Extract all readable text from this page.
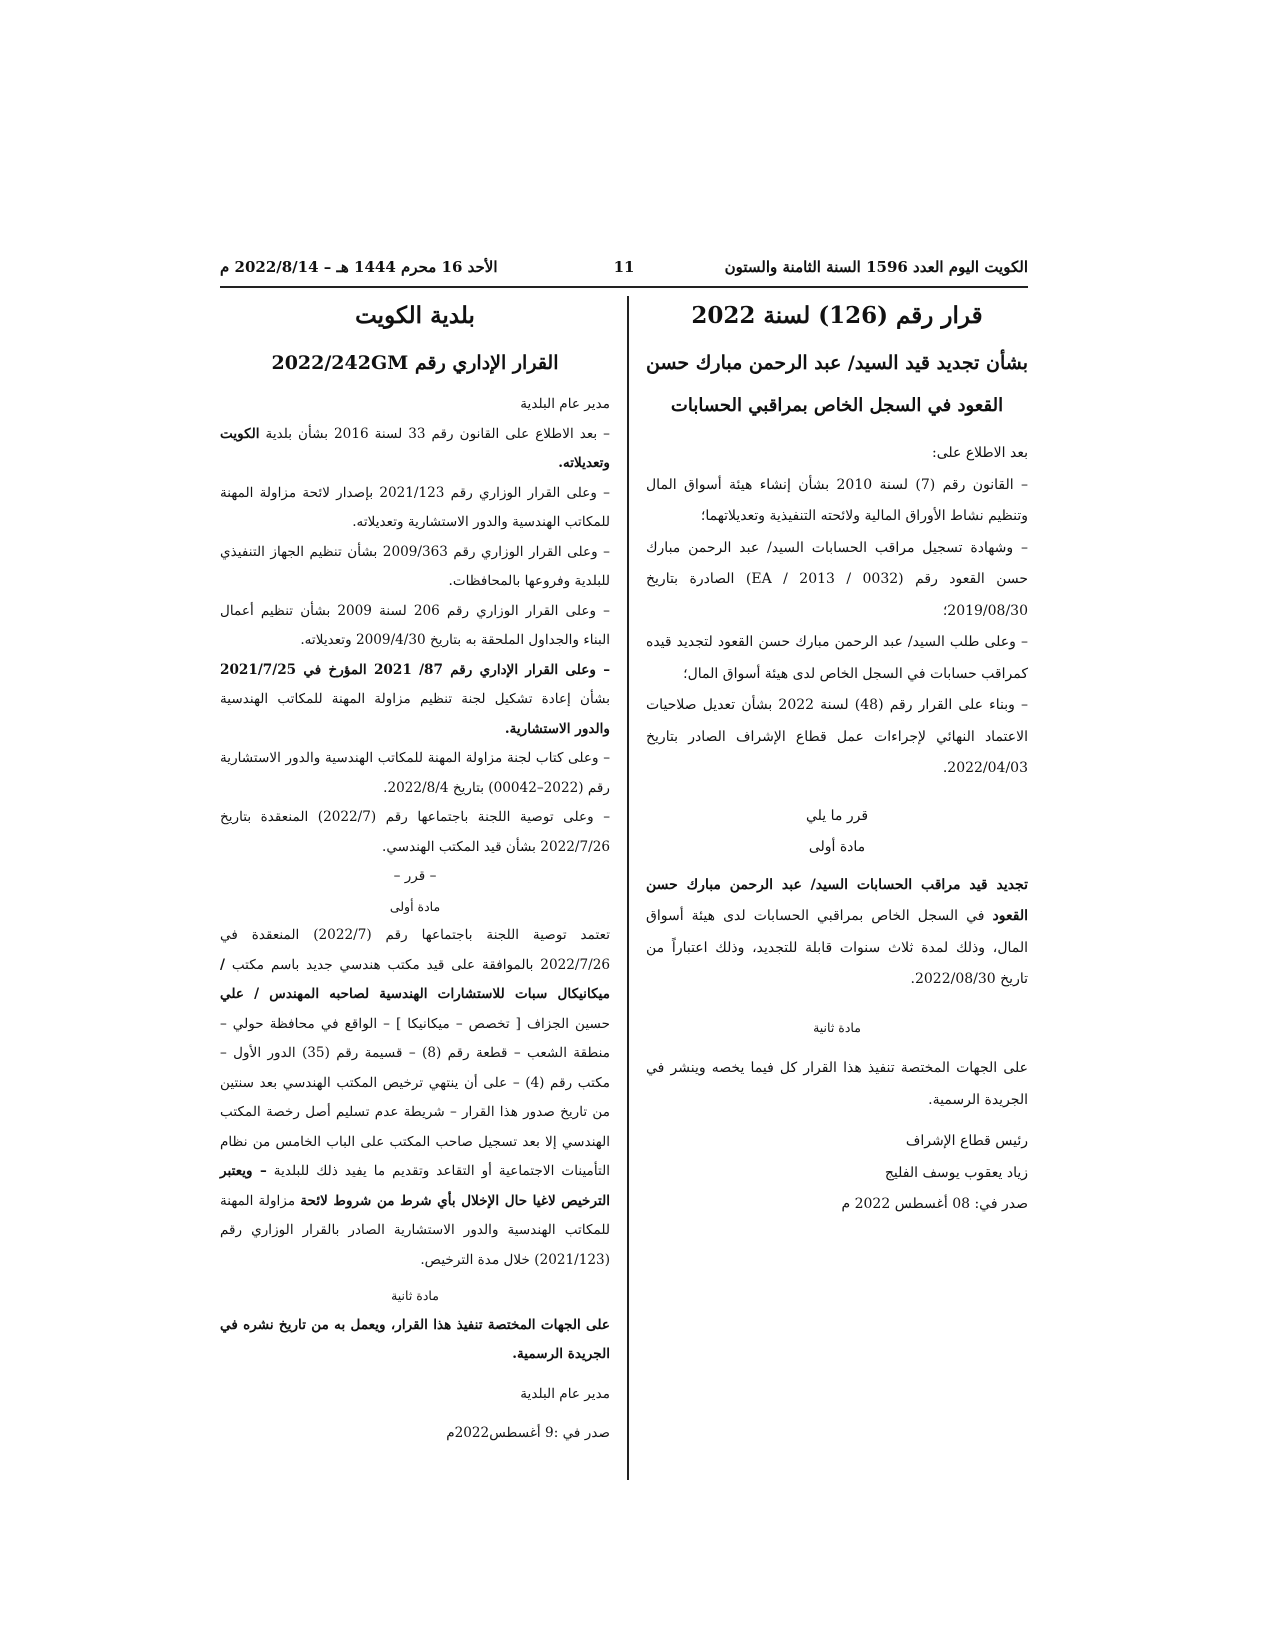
الكويت اليوم العدد 1596 السنة الثامنة والستون
11
الأحد 16 محرم 1444 هـ – 2022/8/14 م

قرار رقم (126) لسنة 2022

بشأن تجديد قيد السيد/ عبد الرحمن مبارك حسن

القعود في السجل الخاص بمراقبي الحسابات

بعد الاطلاع على:

– القانون رقم (7) لسنة 2010 بشأن إنشاء هيئة أسواق المال وتنظيم نشاط الأوراق المالية ولائحته التنفيذية وتعديلاتهما؛

– وشهادة تسجيل مراقب الحسابات السيد/ عبد الرحمن مبارك حسن القعود رقم (EA / 2013 / 0032) الصادرة بتاريخ 2019/08/30؛

– وعلى طلب السيد/ عبد الرحمن مبارك حسن القعود لتجديد قيده كمراقب حسابات في السجل الخاص لدى هيئة أسواق المال؛

– وبناء على القرار رقم (48) لسنة 2022 بشأن تعديل صلاحيات الاعتماد النهائي لإجراءات عمل قطاع الإشراف الصادر بتاريخ 2022/04/03.

قرر ما يلي

مادة أولى

تجديد قيد مراقب الحسابات السيد/ عبد الرحمن مبارك حسن القعود في السجل الخاص بمراقبي الحسابات لدى هيئة أسواق المال، وذلك لمدة ثلاث سنوات قابلة للتجديد، وذلك اعتباراً من تاريخ 2022/08/30.

مادة ثانية

على الجهات المختصة تنفيذ هذا القرار كل فيما يخصه وينشر في الجريدة الرسمية.

رئيس قطاع الإشراف

زياد يعقوب يوسف الفليج

صدر في: 08 أغسطس 2022 م

بلدية الكويت

القرار الإداري رقم 2022/242GM

مدير عام البلدية

– بعد الاطلاع على القانون رقم 33 لسنة 2016 بشأن بلدية الكويت وتعديلاته.

– وعلى القرار الوزاري رقم 2021/123 بإصدار لائحة مزاولة المهنة للمكاتب الهندسية والدور الاستشارية وتعديلاته.

– وعلى القرار الوزاري رقم 2009/363 بشأن تنظيم الجهاز التنفيذي للبلدية وفروعها بالمحافظات.

– وعلى القرار الوزاري رقم 206 لسنة 2009 بشأن تنظيم أعمال البناء والجداول الملحقة به بتاريخ 2009/4/30 وتعديلاته.

– وعلى القرار الإداري رقم 87/ 2021 المؤرخ في 2021/7/25 بشأن إعادة تشكيل لجنة تنظيم مزاولة المهنة للمكاتب الهندسية والدور الاستشارية.

– وعلى كتاب لجنة مزاولة المهنة للمكاتب الهندسية والدور الاستشارية رقم (2022–00042) بتاريخ 2022/8/4.

– وعلى توصية اللجنة باجتماعها رقم (2022/7) المنعقدة بتاريخ 2022/7/26 بشأن قيد المكتب الهندسي.

– قرر –

مادة أولى

تعتمد توصية اللجنة باجتماعها رقم (2022/7) المنعقدة في 2022/7/26 بالموافقة على قيد مكتب هندسي جديد باسم مكتب / ميكانيكال سبات للاستشارات الهندسية لصاحبه المهندس / علي حسين الجزاف [ تخصص – ميكانيكا ] – الواقع في محافظة حولي – منطقة الشعب – قطعة رقم (8) – قسيمة رقم (35) الدور الأول – مكتب رقم (4) – على أن ينتهي ترخيص المكتب الهندسي بعد سنتين من تاريخ صدور هذا القرار – شريطة عدم تسليم أصل رخصة المكتب الهندسي إلا بعد تسجيل صاحب المكتب على الباب الخامس من نظام التأمينات الاجتماعية أو التقاعد وتقديم ما يفيد ذلك للبلدية – ويعتبر الترخيص لاغيا حال الإخلال بأي شرط من شروط لائحة مزاولة المهنة للمكاتب الهندسية والدور الاستشارية الصادر بالقرار الوزاري رقم (2021/123) خلال مدة الترخيص.

مادة ثانية

على الجهات المختصة تنفيذ هذا القرار، ويعمل به من تاريخ نشره في الجريدة الرسمية.

مدير عام البلدية

صدر في :9 أغسطس2022م
